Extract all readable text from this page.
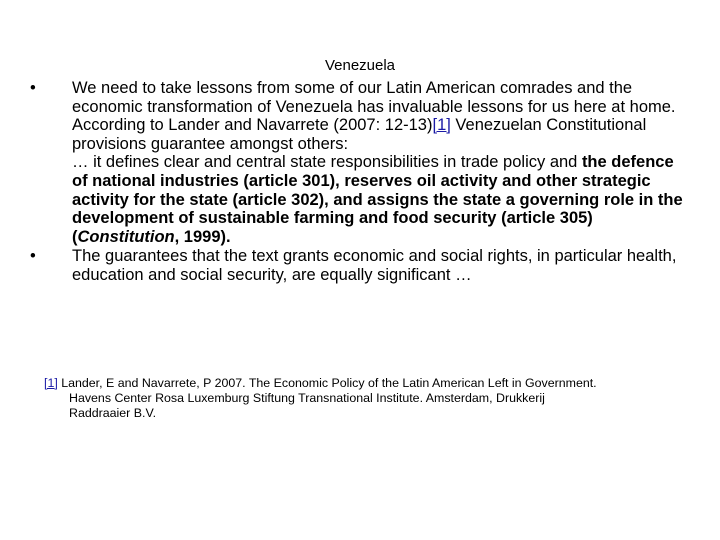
Venezuela
•	We need to take lessons from some of our Latin American comrades and the economic transformation of Venezuela has invaluable lessons for us here at home. According to Lander and Navarrete (2007: 12-13)[1] Venezuelan Constitutional provisions guarantee amongst others:
… it defines clear and central state responsibilities in trade policy and the defence of national industries (article 301), reserves oil activity and other strategic activity for the state (article 302), and assigns the state a governing role in the development of sustainable farming and food security (article 305)(Constitution, 1999).
•	The guarantees that the text grants economic and social rights, in particular health, education and social security, are equally significant …
[1] Lander, E and Navarrete, P 2007. The Economic Policy of the Latin American Left in Government.
Havens Center Rosa Luxemburg Stiftung Transnational Institute. Amsterdam, Drukkerij
Raddraaier B.V.
